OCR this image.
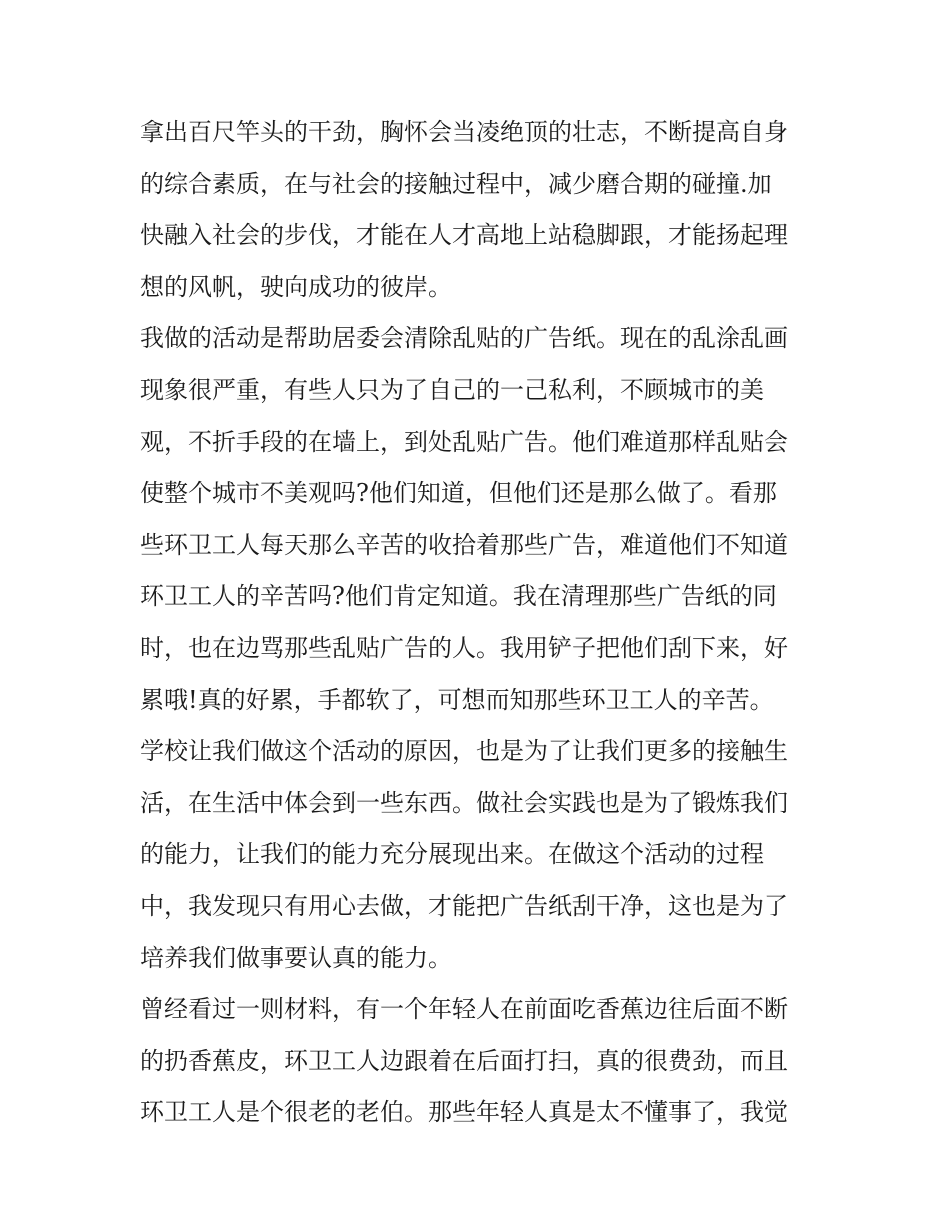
拿出百尺竿头的干劲，胸怀会当凌绝顶的壮志，不断提高自身
的综合素质，在与社会的接触过程中，减少磨合期的碰撞.加
快融入社会的步伐，才能在人才高地上站稳脚跟，才能扬起理
想的风帆，驶向成功的彼岸。
我做的活动是帮助居委会清除乱贴的广告纸。现在的乱涂乱画
现象很严重，有些人只为了自己的一己私利，不顾城市的美
观，不折手段的在墙上，到处乱贴广告。他们难道那样乱贴会
使整个城市不美观吗?他们知道，但他们还是那么做了。看那
些环卫工人每天那么辛苦的收拾着那些广告，难道他们不知道
环卫工人的辛苦吗?他们肯定知道。我在清理那些广告纸的同
时，也在边骂那些乱贴广告的人。我用铲子把他们刮下来，好
累哦!真的好累，手都软了，可想而知那些环卫工人的辛苦。
学校让我们做这个活动的原因，也是为了让我们更多的接触生
活，在生活中体会到一些东西。做社会实践也是为了锻炼我们
的能力，让我们的能力充分展现出来。在做这个活动的过程
中，我发现只有用心去做，才能把广告纸刮干净，这也是为了
培养我们做事要认真的能力。
曾经看过一则材料，有一个年轻人在前面吃香蕉边往后面不断
的扔香蕉皮，环卫工人边跟着在后面打扫，真的很费劲，而且
环卫工人是个很老的老伯。那些年轻人真是太不懂事了，我觉
